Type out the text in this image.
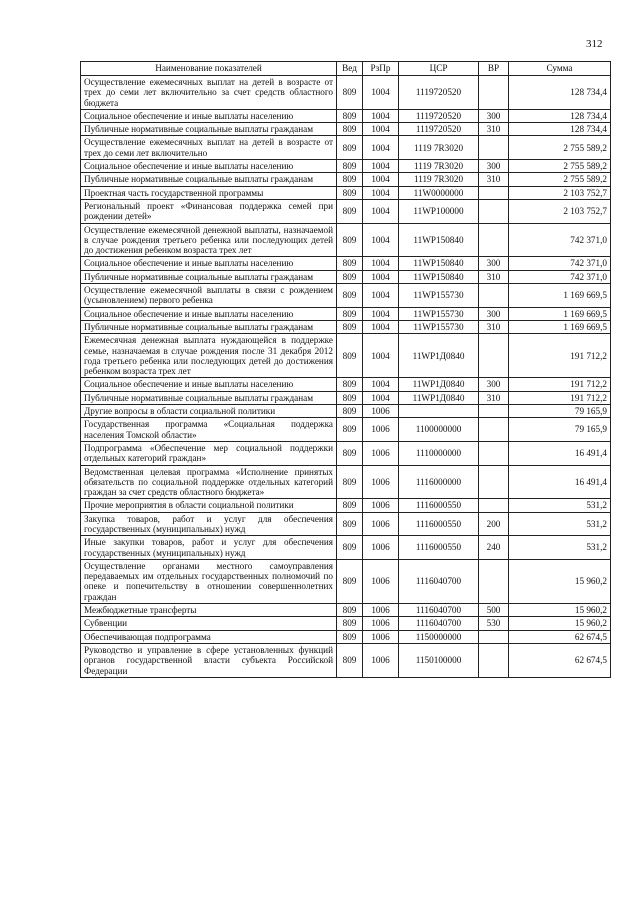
312
Наименование показателей	Вед	РзПр	ЦСР	ВР	Сумма
Осуществление ежемесячных выплат на детей в возрасте от трех до семи лет включительно за счет средств областного бюджета	809	1004	1119720520		128 734,4
Социальное обеспечение и иные выплаты населению	809	1004	1119720520	300	128 734,4
Публичные нормативные социальные выплаты гражданам	809	1004	1119720520	310	128 734,4
Осуществление ежемесячных выплат на детей в возрасте от трех до семи лет включительно	809	1004	1119 7R3020		2 755 589,2
Социальное обеспечение и иные выплаты населению	809	1004	1119 7R3020	300	2 755 589,2
Публичные нормативные социальные выплаты гражданам	809	1004	1119 7R3020	310	2 755 589,2
Проектная часть государственной программы	809	1004	11W0000000		2 103 752,7
Региональный проект «Финансовая поддержка семей при рождении детей»	809	1004	11WP100000		2 103 752,7
Осуществление ежемесячной денежной выплаты, назначаемой в случае рождения третьего ребенка или последующих детей до достижения ребенком возраста трех лет	809	1004	11WP150840		742 371,0
Социальное обеспечение и иные выплаты населению	809	1004	11WP150840	300	742 371,0
Публичные нормативные социальные выплаты гражданам	809	1004	11WP150840	310	742 371,0
Осуществление ежемесячной выплаты в связи с рождением (усыновлением) первого ребенка	809	1004	11WP155730		1 169 669,5
Социальное обеспечение и иные выплаты населению	809	1004	11WP155730	300	1 169 669,5
Публичные нормативные социальные выплаты гражданам	809	1004	11WP155730	310	1 169 669,5
Ежемесячная денежная выплата нуждающейся в поддержке семье, назначаемая в случае рождения после 31 декабря 2012 года третьего ребенка или последующих детей до достижения ребенком возраста трех лет	809	1004	11WP1Д0840		191 712,2
Социальное обеспечение и иные выплаты населению	809	1004	11WP1Д0840	300	191 712,2
Публичные нормативные социальные выплаты гражданам	809	1004	11WP1Д0840	310	191 712,2
Другие вопросы в области социальной политики	809	1006			79 165,9
Государственная программа «Социальная поддержка населения Томской области»	809	1006	1100000000		79 165,9
Подпрограмма «Обеспечение мер социальной поддержки отдельных категорий граждан»	809	1006	1110000000		16 491,4
Ведомственная целевая программа «Исполнение принятых обязательств по социальной поддержке отдельных категорий граждан за счет средств областного бюджета»	809	1006	1116000000		16 491,4
Прочие мероприятия в области социальной политики	809	1006	1116000550		531,2
Закупка товаров, работ и услуг для обеспечения государственных (муниципальных) нужд	809	1006	1116000550	200	531,2
Иные закупки товаров, работ и услуг для обеспечения государственных (муниципальных) нужд	809	1006	1116000550	240	531,2
Осуществление органами местного самоуправления передаваемых им отдельных государственных полномочий по опеке и попечительству в отношении совершеннолетних граждан	809	1006	1116040700		15 960,2
Межбюджетные трансферты	809	1006	1116040700	500	15 960,2
Субвенции	809	1006	1116040700	530	15 960,2
Обеспечивающая подпрограмма	809	1006	1150000000		62 674,5
Руководство и управление в сфере установленных функций органов государственной власти субъекта Российской Федерации	809	1006	1150100000		62 674,5
